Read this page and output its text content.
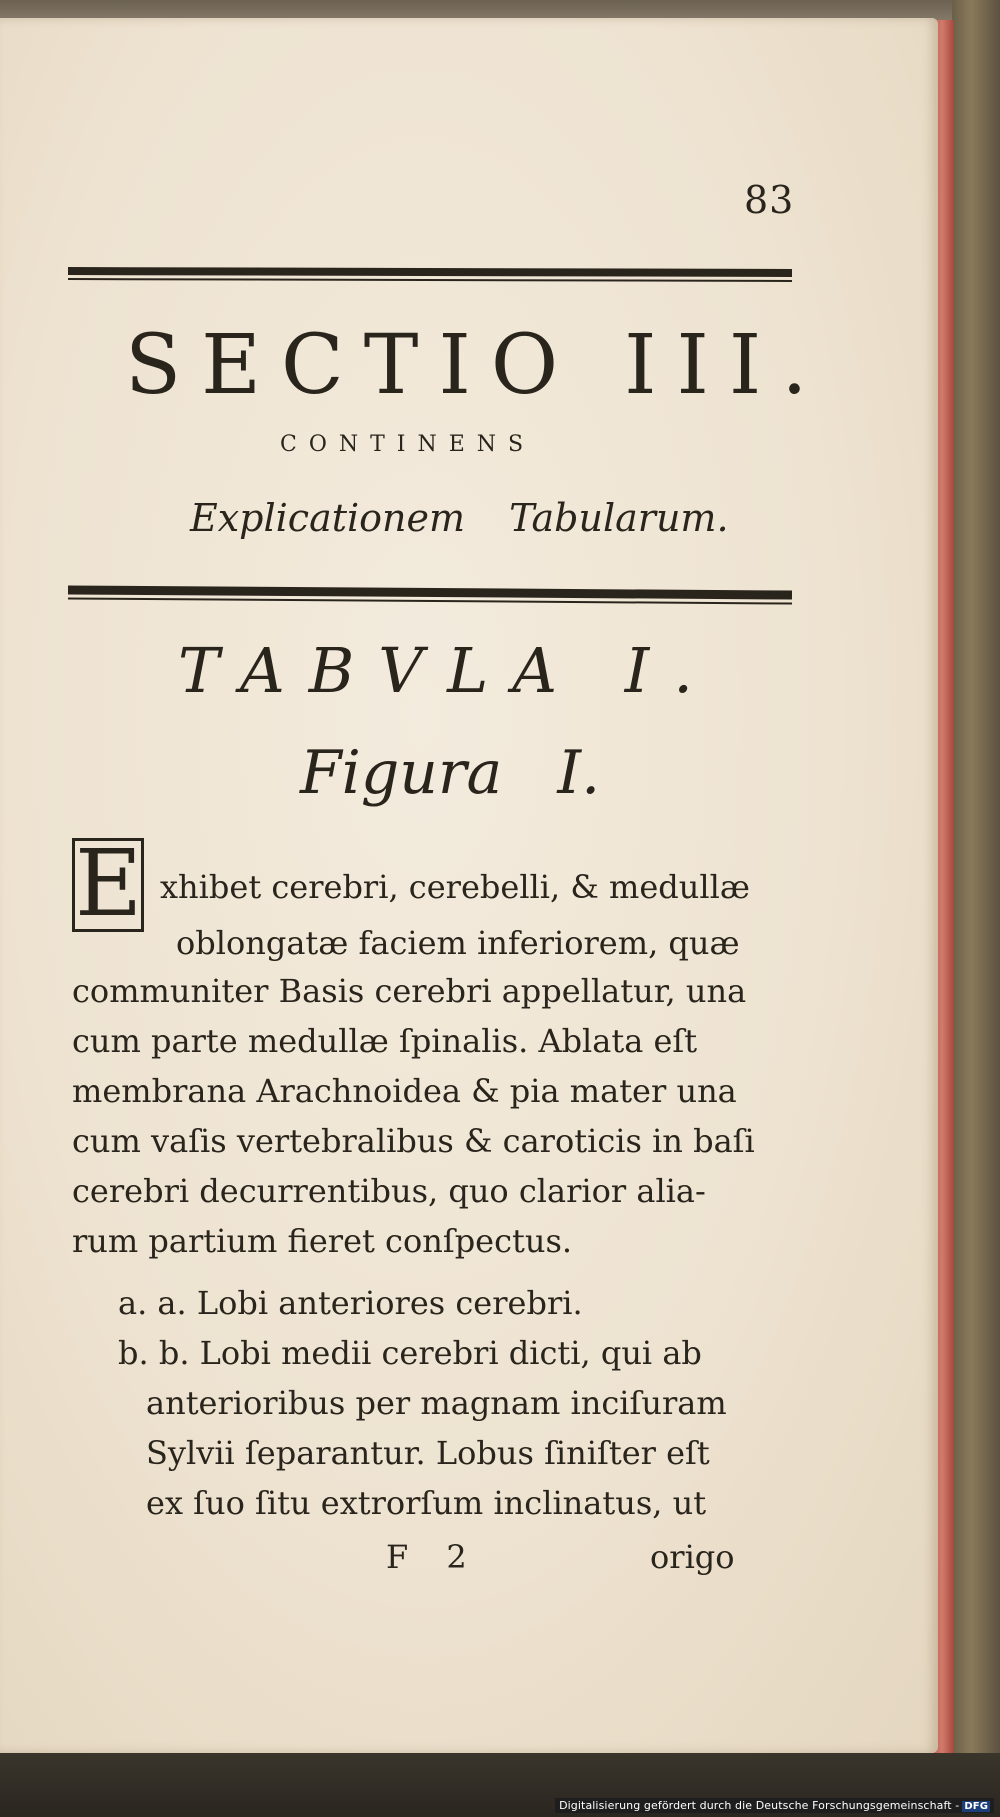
83
SECTIO III.
CONTINENS
Explicationem Tabularum.
TABVLA I.
Figura I.
E xhibet cerebri, cerebelli, & medullæ
oblongatæ faciem inferiorem, quæ
communiter Basis cerebri appellatur, una
cum parte medullæ ſpinalis. Ablata eſt
membrana Arachnoidea & pia mater una
cum vaſis vertebralibus & caroticis in baſi
cerebri decurrentibus, quo clarior alia-
rum partium fieret conſpectus.
a. a. Lobi anteriores cerebri.
b. b. Lobi medii cerebri dicti, qui ab
anterioribus per magnam inciſuram
Sylvii ſeparantur. Lobus ſiniſter eſt
ex ſuo ſitu extrorſum inclinatus, ut
F 2	origo
Digitalisierung gefördert durch die Deutsche Forschungsgemeinschaft - DFG
